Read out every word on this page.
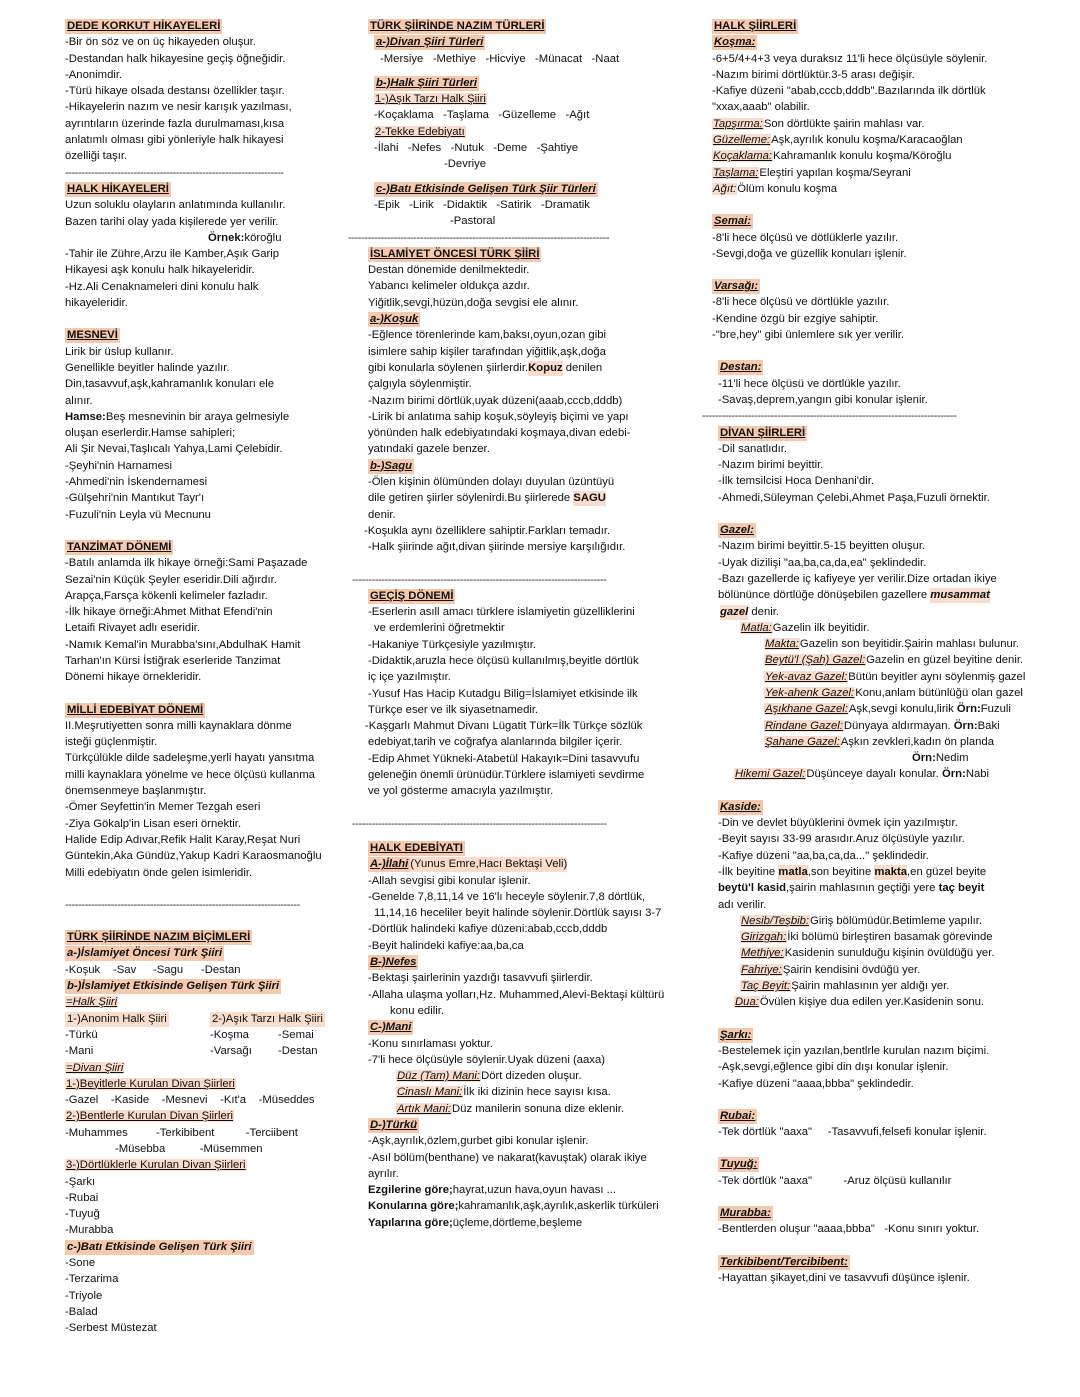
DEDE KORKUT HİKAYELERİ
-Bir ön söz ve on üç hikayeden oluşur.
-Destandan halk hikayesine geçiş öğneğidir.
-Anonimdir.
-Türü hikaye olsada destansı özellikler taşır.
-Hikayelerin nazım ve nesir karışık yazılması,
ayrıntıların üzerinde fazla durulmaması,kısa
anlatımlı olması gibi yönleriyle halk hikayesi
özelliği taşır.
-------------------------------------------------------------------
HALK HİKAYELERİ
Uzun soluklu olayların anlatımında kullanılır.
Bazen tarihi olay yada kişilerede yer verilir.
Örnek:köroğlu
-Tahir ile Zühre,Arzu ile Kamber,Aşık Garip
Hikayesi aşk konulu halk hikayeleridir.
-Hz.Ali Cenaknameleri dini konulu halk
hikayeleridir.
MESNEVİ
Lirik bir üslup kullanır.
Genellikle beyitler halinde yazılır.
Din,tasavvuf,aşk,kahramanlık konuları ele
alınır.
Hamse:Beş mesnevinin bir araya gelmesiyle
oluşan eserlerdir.Hamse sahipleri;
Ali Şir Nevai,Taşlıcalı Yahya,Lami Çelebidir.
-Şeyhi'nin Harnamesi
-Ahmedi'nin İskendernamesi
-Gülşehri'nin Mantıkut Tayr'ı
-Fuzuli'nin Leyla vü Mecnunu
TANZİMAT DÖNEMİ
-Batılı anlamda ilk hikaye örneği:Sami Paşazade
Sezai'nin Küçük Şeyler eseridir.Dili ağırdır.
Arapça,Farsça kökenli kelimeler fazladır.
-İlk hikaye örneği:Ahmet Mithat Efendi'nin
Letaifi Rivayet adlı eseridir.
-Namık Kemal'in Murabba'sını,AbdulhaK Hamit
Tarhan'ın Kürsi İstiğrak eserleride Tanzimat
Dönemi hikaye örnekleridir.
MİLLİ EDEBİYAT DÖNEMİ
II.Meşrutiyetten sonra milli kaynaklara dönme
isteği güçlenmiştir.
Türkçülükle dilde sadeleşme,yerli hayatı yansıtma
milli kaynaklara yönelme ve hece ölçüsü kullanma
önemsenmeye başlanmıştır.
-Ömer Seyfettin'in Memer Tezgah eseri
-Ziya Gökalp'in Lisan eseri örnektir.
Halide Edip Adıvar,Refik Halit Karay,Reşat Nuri
Güntekin,Aka Gündüz,Yakup Kadri Karaosmanoğlu
Milli edebiyatın önde gelen isimleridir.
------------------------------------------------------------------------
TÜRK ŞİİRİNDE NAZIM BİÇİMLERİ
a-)İslamiyet Öncesi Türk Şiiri
-Koşuk	-Sav	-Sagu	-Destan
b-)İslamiyet Etkisinde Gelişen Türk Şiiri
=Halk Şiiri
1-)Anonim Halk Şiiri	2-)Aşık Tarzı Halk Şiiri
-Türkü	-Koşma	-Semai
-Mani	-Varsağı	-Destan
=Divan Şiiri
1-)Beyitlerle Kurulan Divan Şiirleri
-Gazel    -Kaside    -Mesnevi    -Kıt'a    -Müseddes
2-)Bentlerle Kurulan Divan Şiirleri
-Muhammes         -Terkibibent          -Terciibent
-Müsebba           -Müsemmen
3-)Dörtlüklerle Kurulan Divan Şiirleri
-Şarkı
-Rubai
-Tuyuğ
-Murabba
c-)Batı Etkisinde Gelişen Türk Şiiri
-Sone
-Terzarima
-Triyole
-Balad
-Serbest Müstezat
TÜRK ŞİİRİNDE NAZIM TÜRLERİ
a-)Divan Şiiri Türleri
-Mersiye   -Methiye   -Hicviye   -Münacat   -Naat
b-)Halk Şiiri Türleri
1-)Aşık Tarzı Halk Şiiri
-Koçaklama   -Taşlama   -Güzelleme   -Ağıt
2-Tekke Edebiyatı
-İlahi   -Nefes   -Nutuk   -Deme   -Şahtiye
-Devriye
c-)Batı Etkisinde Gelişen Türk Şiir Türleri
-Epik   -Lirik   -Didaktik   -Satirik   -Dramatik
-Pastoral
--------------------------------------------------------------------------------
İSLAMİYET ÖNCESİ TÜRK ŞİİRİ
Destan dönemide denilmektedir.
Yabancı kelimeler oldukça azdır.
Yiğitlik,sevgi,hüzün,doğa sevgisi ele alınır.
a-)Koşuk
-Eğlence törenlerinde kam,baksı,oyun,ozan gibi
isimlere sahip kişiler tarafından yiğitlik,aşk,doğa
gibi konularla söylenen şiirlerdir.Kopuz denilen
çalgıyla söylenmiştir.
-Nazım birimi dörtlük,uyak düzeni(aaab,cccb,dddb)
-Lirik bi anlatıma sahip koşuk,söyleyiş biçimi ve yapı
yönünden halk edebiyatındaki koşmaya,divan edebi-
yatındaki gazele benzer.
b-)Sagu
-Ölen kişinin ölümünden dolayı duyulan üzüntüyü
dile getiren şiirler söylenirdi.Bu şiirlerede SAGU
denir.
-Koşukla aynı özelliklere sahiptir.Farkları temadır.
-Halk şiirinde ağıt,divan şiirinde mersiye karşılığıdır.
------------------------------------------------------------------------------
GEÇİŞ DÖNEMİ
-Eserlerin asıll amacı türklere islamiyetin güzelliklerini
ve erdemlerini öğretmektir
-Hakaniye Türkçesiyle yazılmıştır.
-Didaktik,aruzla hece ölçüsü kullanılmış,beyitle dörtlük
iç içe yazılmıştır.
-Yusuf Has Hacip Kutadgu Bilig=İslamiyet etkisinde ilk
Türkçe eser ve ilk siyasetnamedir.
-Kaşgarlı Mahmut Divanı Lügatit Türk=İlk Türkçe sözlük
edebiyat,tarih ve coğrafya alanlarında bilgiler içerir.
-Edip Ahmet Yükneki-Atabetül Hakayık=Dini tasavvufu
geleneğin önemli ürünüdür.Türklere islamiyeti sevdirme
ve yol gösterme amacıyla yazılmıştır.
------------------------------------------------------------------------------
HALK EDEBİYATI
A-)İlahi(Yunus Emre,Hacı Bektaşi Veli)
-Allah sevgisi gibi konular işlenir.
-Genelde 7,8,11,14 ve 16'lı heceyle söylenir.7,8 dörtlük,
11,14,16 heceliler beyit halinde söylenir.Dörtlük sayısı 3-7
-Dörtlük halindeki kafiye düzeni:abab,cccb,dddb
-Beyit halindeki kafiye:aa,ba,ca
B-)Nefes
-Bektaşi şairlerinin yazdığı tasavvufi şiirlerdir.
-Allaha ulaşma yolları,Hz. Muhammed,Alevi-Bektaşi kültürü
konu edilir.
C-)Mani
-Konu sınırlaması yoktur.
-7'li hece ölçüsüyle söylenir.Uyak düzeni (aaxa)
Düz (Tam) Mani:Dört dizeden oluşur.
Cinaslı Mani:İlk iki dizinin hece sayısı kısa.
Artık Mani:Düz manilerin sonuna dize eklenir.
D-)Türkü
-Aşk,ayrılık,özlem,gurbet gibi konular işlenir.
-Asıl bölüm(benthane) ve nakarat(kavuştak) olarak ikiye
ayrılır.
Ezgilerine göre;hayrat,uzun hava,oyun havası ...
Konularına göre;kahramanlık,aşk,ayrılık,askerlik türküleri
Yapılarına göre;üçleme,dörtleme,beşleme
HALK ŞİİRLERİ
Koşma:
-6+5/4+4+3 veya duraksız 11'li hece ölçüsüyle söylenir.
-Nazım birimi dörtlüktür.3-5 arası değişir.
-Kafiye düzeni "abab,cccb,dddb".Bazılarında ilk dörtlük
"xxax,aaab" olabilir.
Tapşırma:Son dörtlükte şairin mahlası var.
Güzelleme:Aşk,ayrılık konulu koşma/Karacaoğlan
Koçaklama:Kahramanlık konulu koşma/Köroğlu
Taşlama:Eleştiri yapılan koşma/Seyrani
Ağıt:Ölüm konulu koşma
Semai:
-8'li hece ölçüsü ve dötlüklerle yazılır.
-Sevgi,doğa ve güzellik konuları işlenir.
Varsağı:
-8'li hece ölçüsü ve dörtlükle yazılır.
-Kendine özgü bir ezgiye sahiptir.
-"bre,hey" gibi ünlemlere sık yer verilir.
Destan:
-11'li hece ölçüsü ve dörtlükle yazılır.
-Savaş,deprem,yangın gibi konular işlenir.
------------------------------------------------------------------------------
DİVAN ŞİİRLERİ
-Dil sanatlıdır.
-Nazım birimi beyittir.
-İlk temsilcisi Hoca Denhani'dir.
-Ahmedi,Süleyman Çelebi,Ahmet Paşa,Fuzuli örnektir.
Gazel:
-Nazım birimi beyittir.5-15 beyitten oluşur.
-Uyak dizilişi "aa,ba,ca,da,ea" şeklindedir.
-Bazı gazellerde iç kafiyeye yer verilir.Dize ortadan ikiye
bölününce dörtlüğe dönüşebilen gazellere musammat
gazel denir.
Matla:Gazelin ilk beyitidir.
Makta:Gazelin son beyitidir.Şairin mahlası bulunur.
Beytü'l (Şah) Gazel:Gazelin en güzel beyitine denir.
Yek-avaz Gazel:Bütün beyitler aynı söylenmiş gazel
Yek-ahenk Gazel:Konu,anlam bütünlüğü olan gazel
Aşıkhane Gazel:Aşk,sevgi konulu,lirik Örn:Fuzuli
Rindane Gazel:Dünyaya aldırmayan. Örn:Baki
Şahane Gazel:Aşkın zevkleri,kadın ön planda
Örn:Nedim
Hikemi Gazel:Düşünceye dayalı konular. Örn:Nabi
Kaside:
-Din ve devlet büyüklerini övmek için yazılmıştır.
-Beyit sayısı 33-99 arasıdır.Aruz ölçüsüyle yazılır.
-Kafiye düzeni "aa,ba,ca,da..." şeklindedir.
-İlk beyitine matla,son beyitine makta,en güzel beyite
beytü'l kasid,şairin mahlasının geçtiği yere taç beyit
adı verilir.
Nesib/Teşbib:Giriş bölümüdür.Betimleme yapılır.
Girizgah:İki bölümü birleştiren basamak görevinde
Methiye:Kasidenin sunulduğu kişinin övüldüğü yer.
Fahriye:Şairin kendisini övdüğü yer.
Taç Beyit:Şairin mahlasının yer aldığı yer.
Dua:Övülen kişiye dua edilen yer.Kasidenin sonu.
Şarkı:
-Bestelemek için yazılan,bentlrle kurulan nazım biçimi.
-Aşk,sevgi,eğlence gibi din dışı konular işlenir.
-Kafiye düzeni "aaaa,bbba" şeklindedir.
Rubai:
-Tek dörtlük "aaxa"     -Tasavvufi,felsefi konular işlenir.
Tuyuğ:
-Tek dörtlük "aaxa"          -Aruz ölçüsü kullanılır
Murabba:
-Bentlerden oluşur "aaaa,bbba"   -Konu sınırı yoktur.
Terkibibent/Tercibibent:
-Hayattan şikayet,dini ve tasavvufi düşünce işlenir.
